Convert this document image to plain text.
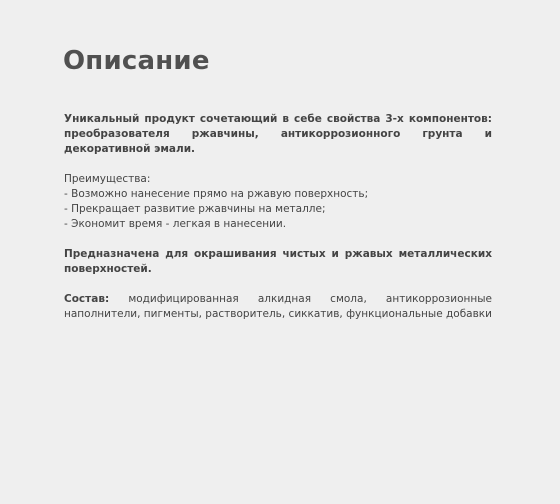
Описание

Уникальный продукт сочетающий в себе свойства 3-х компонентов: преобразователя ржавчины, антикоррозионного грунта и декоративной эмали.

Преимущества:
- Возможно нанесение прямо на ржавую поверхность;
- Прекращает развитие ржавчины на металле;
- Экономит время - легкая в нанесении.

Предназначена для окрашивания чистых и ржавых металлических поверхностей.

Состав: модифицированная алкидная смола, антикоррозионные наполнители, пигменты, растворитель, сиккатив, функциональные добавки
